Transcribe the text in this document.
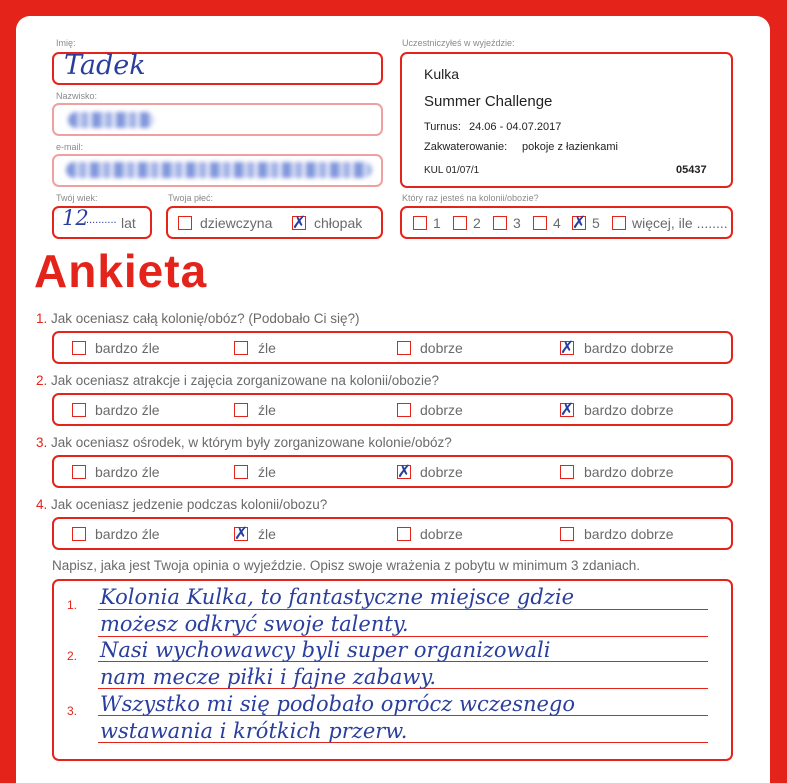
Imię:
Tadek
Nazwisko:
e-mail:
Twój wiek:
12
.......... lat
Twoja płeć:
dziewczyna ✗ chłopak
Uczestniczyłeś w wyjeździe:
Kulka
Summer Challenge
Turnus: 24.06 - 04.07.2017
Zakwaterowanie: pokoje z łazienkami
KUL 01/07/1	05437
Który raz jesteś na kolonii/obozie?
1 2 3 4 ✗ 5 więcej, ile ........
Ankieta
1. Jak oceniasz całą kolonię/obóz? (Podobało Ci się?)
2. Jak oceniasz atrakcje i zajęcia zorganizowane na kolonii/obozie?
3. Jak oceniasz ośrodek, w którym były zorganizowane kolonie/obóz?
4. Jak oceniasz jedzenie podczas kolonii/obozu?
bardzo źle	źle	dobrze	✗ bardzo dobrze
bardzo źle	źle	dobrze	✗ bardzo dobrze
bardzo źle	źle	✗ dobrze	bardzo dobrze
bardzo źle	✗ źle	dobrze	bardzo dobrze
Napisz, jaka jest Twoja opinia o wyjeździe. Opisz swoje wrażenia z pobytu w minimum 3 zdaniach.
1.
2.
3.
Kolonia Kulka, to fantastyczne miejsce gdzie
możesz odkryć swoje talenty.
Nasi wychowawcy byli super organizowali
nam mecze piłki i fajne zabawy.
Wszystko mi się podobało oprócz wczesnego
wstawania i krótkich przerw.
